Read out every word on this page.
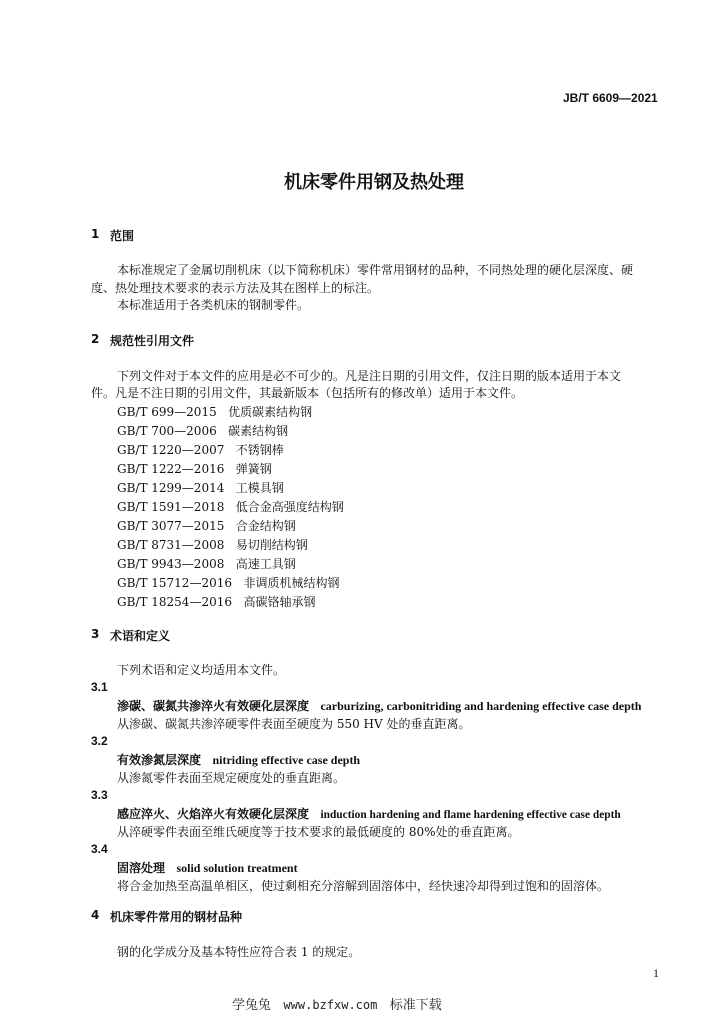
JB/T 6609—2021
机床零件用钢及热处理
1 范围
本标准规定了金属切削机床（以下简称机床）零件常用钢材的品种，不同热处理的硬化层深度、硬
度、热处理技术要求的表示方法及其在图样上的标注。
本标准适用于各类机床的钢制零件。
2 规范性引用文件
下列文件对于本文件的应用是必不可少的。凡是注日期的引用文件，仅注日期的版本适用于本文
件。凡是不注日期的引用文件，其最新版本（包括所有的修改单）适用于本文件。
GB/T 699—2015 优质碳素结构钢
GB/T 700—2006 碳素结构钢
GB/T 1220—2007 不锈钢棒
GB/T 1222—2016 弹簧钢
GB/T 1299—2014 工模具钢
GB/T 1591—2018 低合金高强度结构钢
GB/T 3077—2015 合金结构钢
GB/T 8731—2008 易切削结构钢
GB/T 9943—2008 高速工具钢
GB/T 15712—2016 非调质机械结构钢
GB/T 18254—2016 高碳铬轴承钢
3 术语和定义
下列术语和定义均适用本文件。
3.1
渗碳、碳氮共渗淬火有效硬化层深度 carburizing, carbonitriding and hardening effective case depth
从渗碳、碳氮共渗淬硬零件表面至硬度为 550 HV 处的垂直距离。
3.2
有效渗氮层深度 nitriding effective case depth
从渗氮零件表面至规定硬度处的垂直距离。
3.3
感应淬火、火焰淬火有效硬化层深度 induction hardening and flame hardening effective case depth
从淬硬零件表面至维氏硬度等于技术要求的最低硬度的 80%处的垂直距离。
3.4
固溶处理 solid solution treatment
将合金加热至高温单相区，使过剩相充分溶解到固溶体中，经快速冷却得到过饱和的固溶体。
4 机床零件常用的钢材品种
钢的化学成分及基本特性应符合表 1 的规定。
1
学兔兔 www.bzfxw.com 标准下载
